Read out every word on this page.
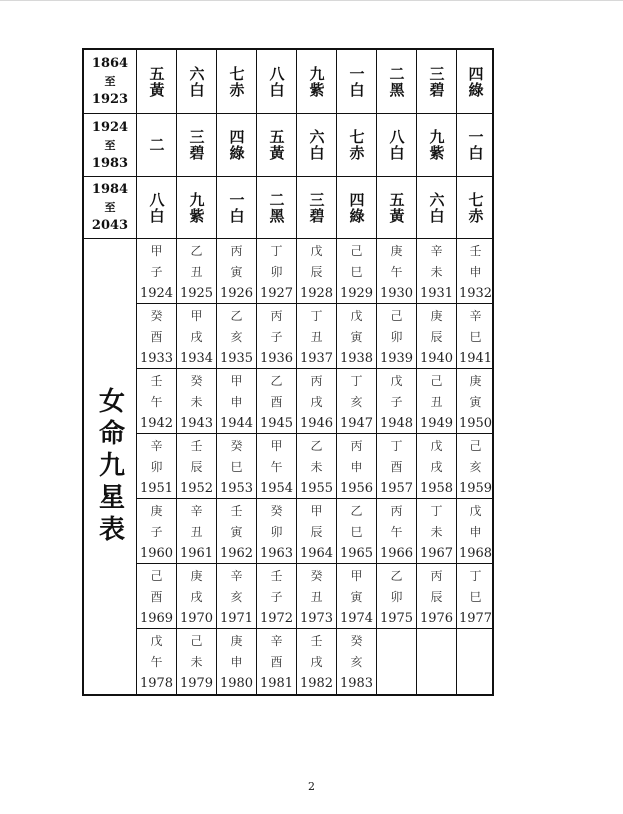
女命九星表
1864
至
1923
五黃 六白 七赤 八白 九紫 一白 二黑 三碧 四綠
1924
至
1983
二 三碧 四綠 五黃 六白 七赤 八白 九紫 一白
1984
至
2043
八白 九紫 一白 二黑 三碧 四綠 五黃 六白 七赤
甲
子
1924
乙
丑
1925
丙
寅
1926
丁
卯
1927
戊
辰
1928
己
巳
1929
庚
午
1930
辛
未
1931
壬
申
1932
癸
酉
1933
甲
戌
1934
乙
亥
1935
丙
子
1936
丁
丑
1937
戊
寅
1938
己
卯
1939
庚
辰
1940
辛
巳
1941
壬
午
1942
癸
未
1943
甲
申
1944
乙
酉
1945
丙
戌
1946
丁
亥
1947
戊
子
1948
己
丑
1949
庚
寅
1950
辛
卯
1951
壬
辰
1952
癸
巳
1953
甲
午
1954
乙
未
1955
丙
申
1956
丁
酉
1957
戊
戌
1958
己
亥
1959
庚
子
1960
辛
丑
1961
壬
寅
1962
癸
卯
1963
甲
辰
1964
乙
巳
1965
丙
午
1966
丁
未
1967
戊
申
1968
己
酉
1969
庚
戌
1970
辛
亥
1971
壬
子
1972
癸
丑
1973
甲
寅
1974
乙
卯
1975
丙
辰
1976
丁
巳
1977
戊
午
1978
己
未
1979
庚
申
1980
辛
酉
1981
壬
戌
1982
癸
亥
1983
2
